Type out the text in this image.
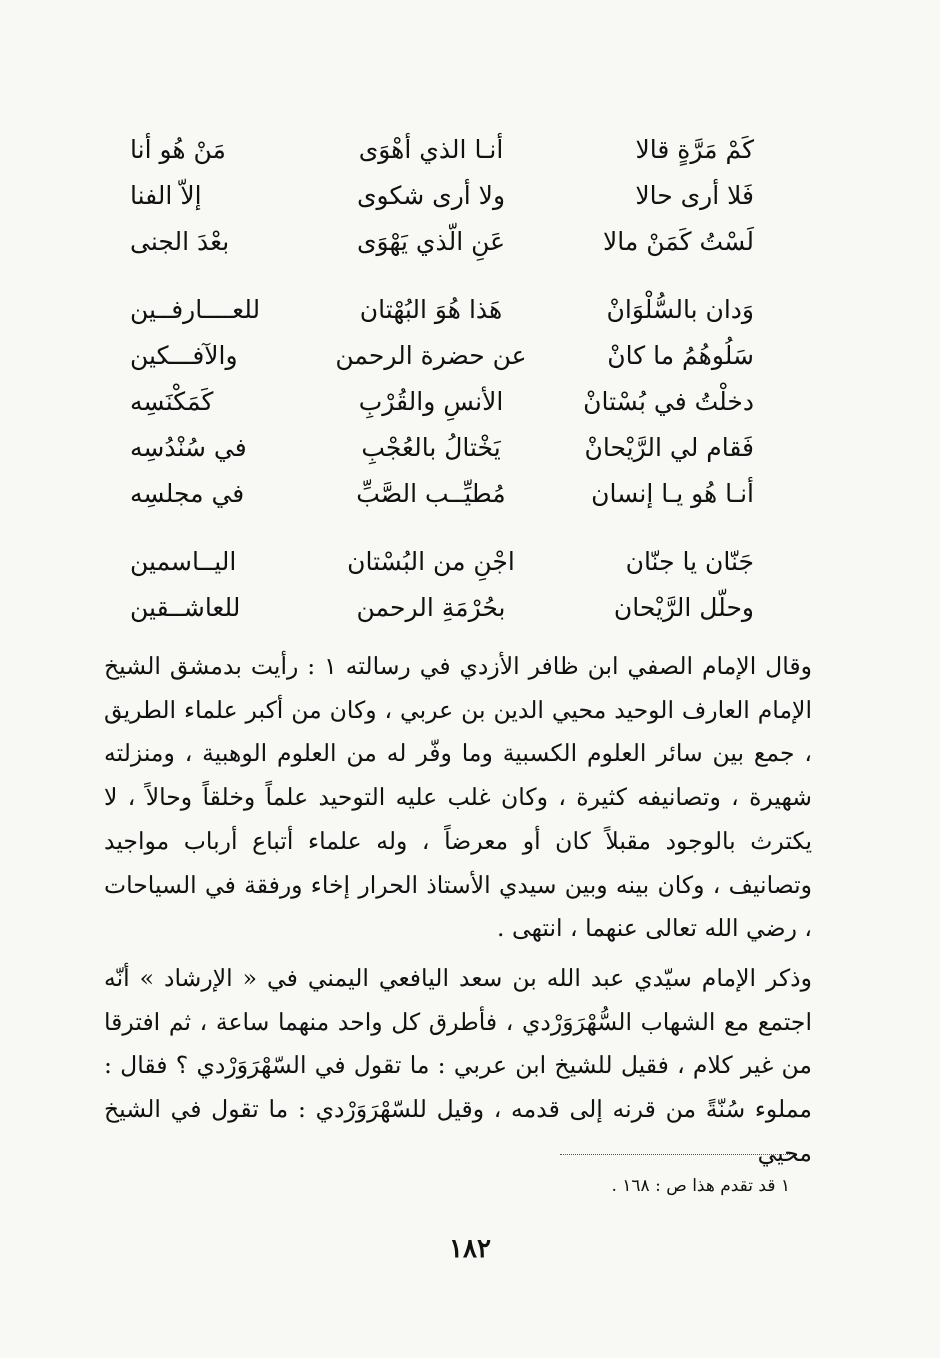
كَمْ مَرَّةٍ قالا
أنـا الذي أهْوَى
مَنْ هُو أنا
فَلا أرى حالا
ولا أرى شكوى
إلاّ الفنا
لَسْتُ كَمَنْ مالا
عَنِ الّذي يَهْوَى
بعْدَ الجنى
وَدان بالسُّلْوَانْ
هَذا هُوَ البُهْتان
للعــــارفــين
سَلُوهُمُ ما كانْ
عن حضرة الرحمن
والآفـــكين
دخلْتُ في بُسْتانْ
الأنسِ والقُرْبِ
كَمَكْنَسِه
فَقام لي الرَّيْحانْ
يَخْتالُ بالعُجْبِ
في سُنْدُسِه
أنـا هُو يـا إنسان
مُطيِّــب الصَّبِّ
في مجلسِه
جَنّان يا جنّان
اجْنِ من البُسْتان
اليــاسمين
وحلّل الرَّيْحان
بحُرْمَةِ الرحمن
للعاشــقين

وقال الإمام الصفي ابن ظافر الأزدي في رسالته ١ : رأيت بدمشق الشيخ الإمام العارف الوحيد محيي الدين بن عربي ، وكان من أكبر علماء الطريق ، جمع بين سائر العلوم الكسبية وما وفّر له من العلوم الوهبية ، ومنزلته شهيرة ، وتصانيفه كثيرة ، وكان غلب عليه التوحيد علماً وخلقاً وحالاً ، لا يكترث بالوجود مقبلاً كان أو معرضاً ، وله علماء أتباع أرباب مواجيد وتصانيف ، وكان بينه وبين سيدي الأستاذ الحرار إخاء ورفقة في السياحات ، رضي الله تعالى عنهما ، انتهى .

وذكر الإمام سيّدي عبد الله بن سعد اليافعي اليمني في « الإرشاد » أنّه اجتمع مع الشهاب السُّهْرَوَرْدي ، فأطرق كل واحد منهما ساعة ، ثم افترقا من غير كلام ، فقيل للشيخ ابن عربي : ما تقول في السّهْرَوَرْدي ؟ فقال : مملوء سُنّةً من قرنه إلى قدمه ، وقيل للسّهْرَوَرْدي : ما تقول في الشيخ محيي

١ قد تقدم هذا ص : ١٦٨ .
١٨٢
